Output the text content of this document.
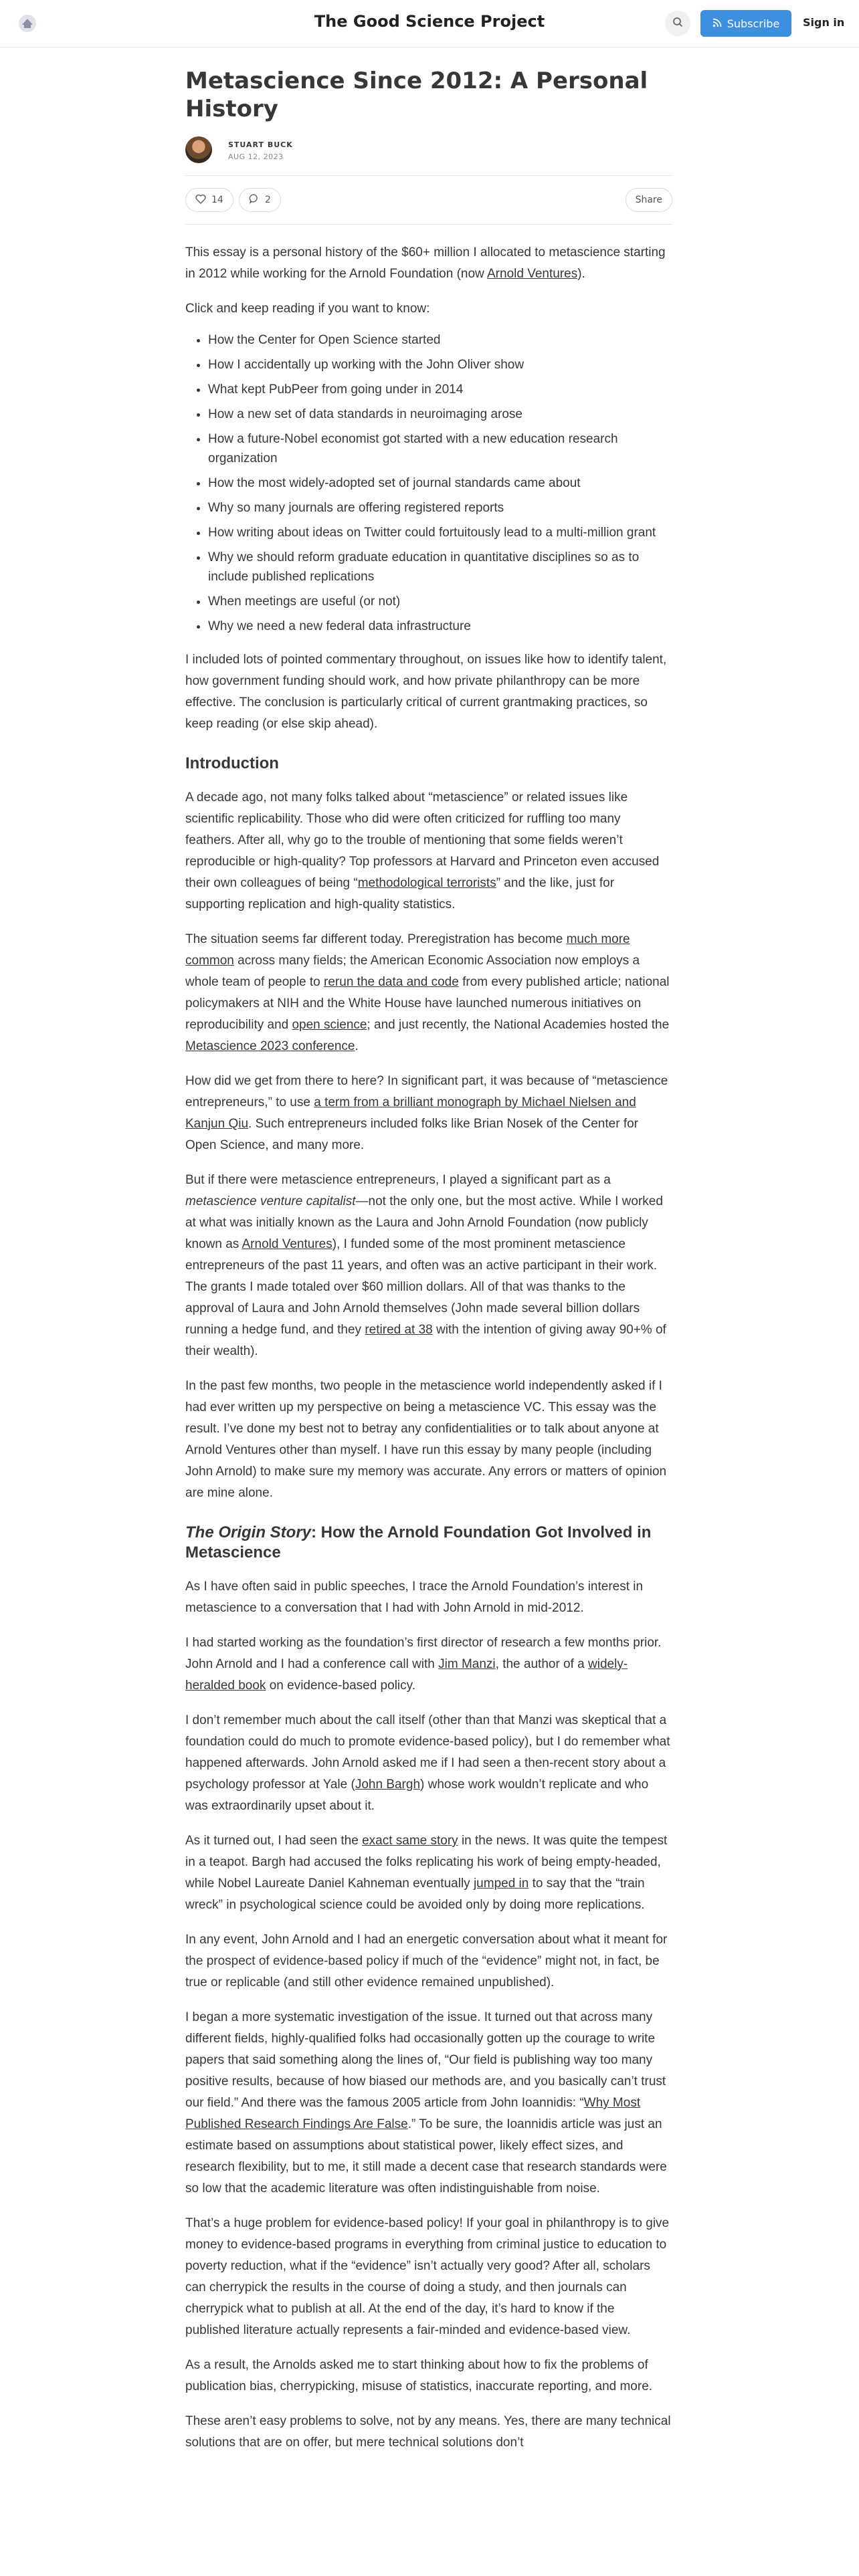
The Good Science Project	Subscribe Sign in
Metascience Since 2012: A Personal History
STUART BUCK
AUG 12, 2023
14	2	Share

This essay is a personal history of the $60+ million I allocated to metascience starting in 2012 while working for the Arnold Foundation (now Arnold Ventures).

Click and keep reading if you want to know:

• How the Center for Open Science started
• How I accidentally up working with the John Oliver show
• What kept PubPeer from going under in 2014
• How a new set of data standards in neuroimaging arose
• How a future-Nobel economist got started with a new education research organization
• How the most widely-adopted set of journal standards came about
• Why so many journals are offering registered reports
• How writing about ideas on Twitter could fortuitously lead to a multi-million grant
• Why we should reform graduate education in quantitative disciplines so as to include published replications
• When meetings are useful (or not)
• Why we need a new federal data infrastructure

I included lots of pointed commentary throughout, on issues like how to identify talent, how government funding should work, and how private philanthropy can be more effective. The conclusion is particularly critical of current grantmaking practices, so keep reading (or else skip ahead).

Introduction

A decade ago, not many folks talked about “metascience” or related issues like scientific replicability. Those who did were often criticized for ruffling too many feathers. After all, why go to the trouble of mentioning that some fields weren’t reproducible or high-quality? Top professors at Harvard and Princeton even accused their own colleagues of being “methodological terrorists” and the like, just for supporting replication and high-quality statistics.

The situation seems far different today. Preregistration has become much more common across many fields; the American Economic Association now employs a whole team of people to rerun the data and code from every published article; national policymakers at NIH and the White House have launched numerous initiatives on reproducibility and open science; and just recently, the National Academies hosted the Metascience 2023 conference.

How did we get from there to here? In significant part, it was because of “metascience entrepreneurs,” to use a term from a brilliant monograph by Michael Nielsen and Kanjun Qiu. Such entrepreneurs included folks like Brian Nosek of the Center for Open Science, and many more.

But if there were metascience entrepreneurs, I played a significant part as a metascience venture capitalist—not the only one, but the most active. While I worked at what was initially known as the Laura and John Arnold Foundation (now publicly known as Arnold Ventures), I funded some of the most prominent metascience entrepreneurs of the past 11 years, and often was an active participant in their work. The grants I made totaled over $60 million dollars. All of that was thanks to the approval of Laura and John Arnold themselves (John made several billion dollars running a hedge fund, and they retired at 38 with the intention of giving away 90+% of their wealth).

In the past few months, two people in the metascience world independently asked if I had ever written up my perspective on being a metascience VC. This essay was the result. I’ve done my best not to betray any confidentialities or to talk about anyone at Arnold Ventures other than myself. I have run this essay by many people (including John Arnold) to make sure my memory was accurate. Any errors or matters of opinion are mine alone.

The Origin Story: How the Arnold Foundation Got Involved in Metascience

As I have often said in public speeches, I trace the Arnold Foundation’s interest in metascience to a conversation that I had with John Arnold in mid-2012.

I had started working as the foundation’s first director of research a few months prior. John Arnold and I had a conference call with Jim Manzi, the author of a widely-heralded book on evidence-based policy.

I don’t remember much about the call itself (other than that Manzi was skeptical that a foundation could do much to promote evidence-based policy), but I do remember what happened afterwards. John Arnold asked me if I had seen a then-recent story about a psychology professor at Yale (John Bargh) whose work wouldn’t replicate and who was extraordinarily upset about it.

As it turned out, I had seen the exact same story in the news. It was quite the tempest in a teapot. Bargh had accused the folks replicating his work of being empty-headed, while Nobel Laureate Daniel Kahneman eventually jumped in to say that the “train wreck” in psychological science could be avoided only by doing more replications.

In any event, John Arnold and I had an energetic conversation about what it meant for the prospect of evidence-based policy if much of the “evidence” might not, in fact, be true or replicable (and still other evidence remained unpublished).

I began a more systematic investigation of the issue. It turned out that across many different fields, highly-qualified folks had occasionally gotten up the courage to write papers that said something along the lines of, “Our field is publishing way too many positive results, because of how biased our methods are, and you basically can’t trust our field.” And there was the famous 2005 article from John Ioannidis: “Why Most Published Research Findings Are False.” To be sure, the Ioannidis article was just an estimate based on assumptions about statistical power, likely effect sizes, and research flexibility, but to me, it still made a decent case that research standards were so low that the academic literature was often indistinguishable from noise.

That’s a huge problem for evidence-based policy! If your goal in philanthropy is to give money to evidence-based programs in everything from criminal justice to education to poverty reduction, what if the “evidence” isn’t actually very good? After all, scholars can cherrypick the results in the course of doing a study, and then journals can cherrypick what to publish at all. At the end of the day, it’s hard to know if the published literature actually represents a fair-minded and evidence-based view.

As a result, the Arnolds asked me to start thinking about how to fix the problems of publication bias, cherrypicking, misuse of statistics, inaccurate reporting, and more.

These aren’t easy problems to solve, not by any means. Yes, there are many technical solutions that are on offer, but mere technical solutions don’t
